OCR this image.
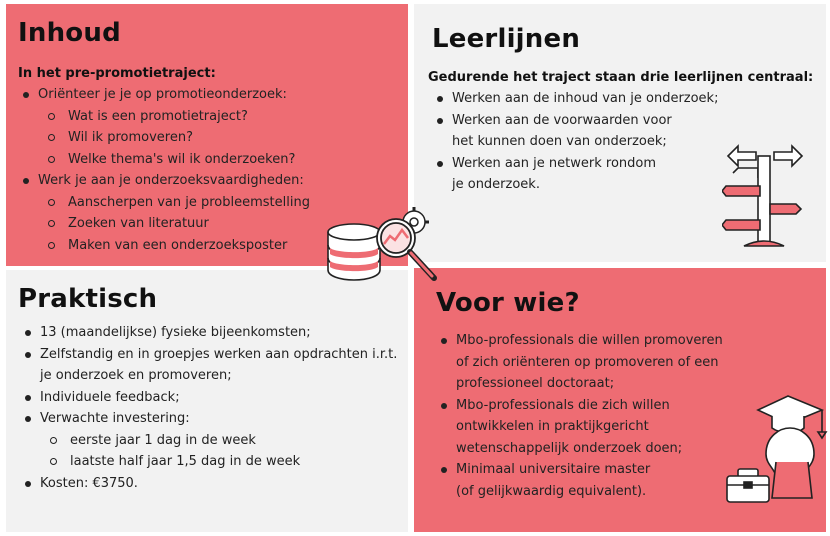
Inhoud
In het pre-promotietraject:
Oriënteer je je op promotieonderzoek:
Wat is een promotietraject?
Wil ik promoveren?
Welke thema's wil ik onderzoeken?
Werk je aan je onderzoeksvaardigheden:
Aanscherpen van je probleemstelling
Zoeken van literatuur
Maken van een onderzoeksposter
Leerlijnen
Gedurende het traject staan drie leerlijnen centraal:
Werken aan de inhoud van je onderzoek;
Werken aan de voorwaarden voor
het kunnen doen van onderzoek;
Werken aan je netwerk rondom
je onderzoek.
Praktisch
13 (maandelijkse) fysieke bijeenkomsten;
Zelfstandig en in groepjes werken aan opdrachten i.r.t.
je onderzoek en promoveren;
Individuele feedback;
Verwachte investering:
eerste jaar 1 dag in de week
laatste half jaar 1,5 dag in de week
Kosten: €3750.
Voor wie?
Mbo-professionals die willen promoveren
of zich oriënteren op promoveren of een
professioneel doctoraat;
Mbo-professionals die zich willen
ontwikkelen in praktijkgericht
wetenschappelijk onderzoek doen;
Minimaal universitaire master
(of gelijkwaardig equivalent).
